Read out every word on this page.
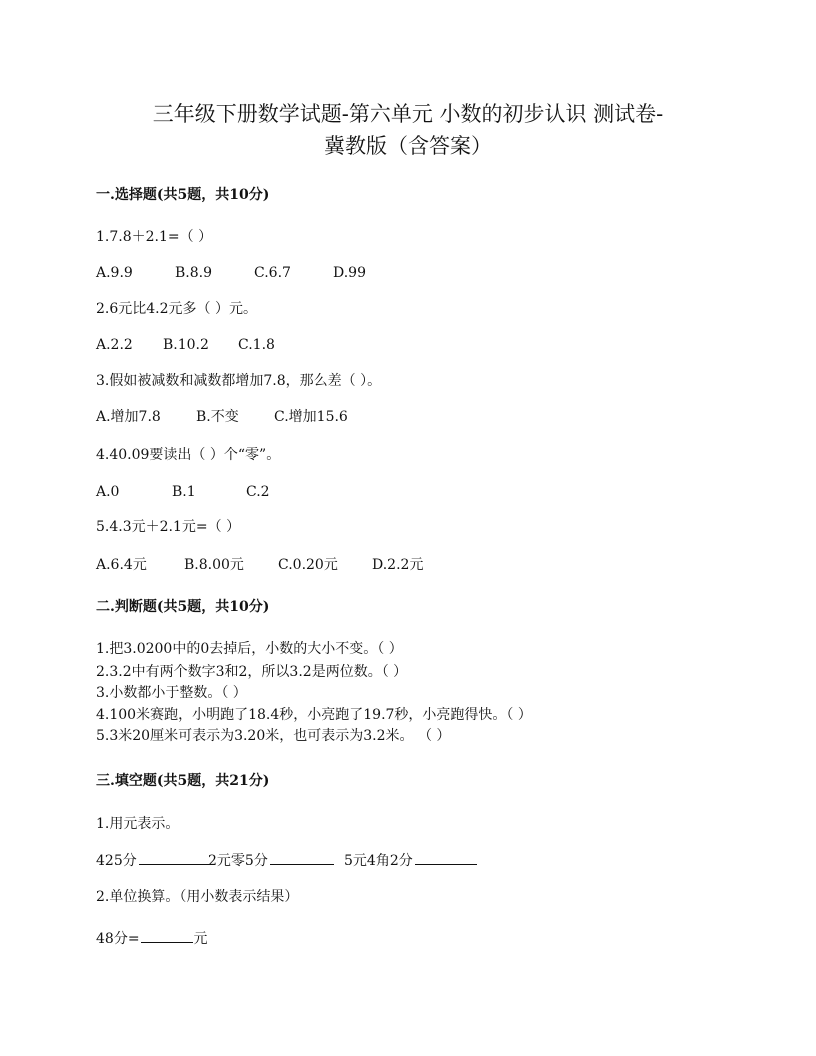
三年级下册数学试题-第六单元 小数的初步认识 测试卷-
冀教版（含答案）
一.选择题(共5题，共10分)
1.7.8＋2.1=（ ）
A.9.9	B.8.9	C.6.7	D.99
2.6元比4.2元多（ ）元。
A.2.2 B.10.2 C.1.8
3.假如被减数和减数都增加7.8，那么差（ ）。
A.增加7.8	B.不变	C.增加15.6
4.40.09要读出（ ）个“零”。
A.0	B.1	C.2
5.4.3元＋2.1元=（ ）
A.6.4元	B.8.00元 C.0.20元 D.2.2元
二.判断题(共5题，共10分)
1.把3.0200中的0去掉后，小数的大小不变。（ ）
2.3.2中有两个数字3和2，所以3.2是两位数。（ ）
3.小数都小于整数。（ ）
4.100米赛跑，小明跑了18.4秒，小亮跑了19.7秒，小亮跑得快。（ ）
5.3米20厘米可表示为3.20米，也可表示为3.2米。 （ ）
三.填空题(共5题，共21分)
1.用元表示。
425分	2元零5分	5元4角2分
2.单位换算。（用小数表示结果）
48分=	元
